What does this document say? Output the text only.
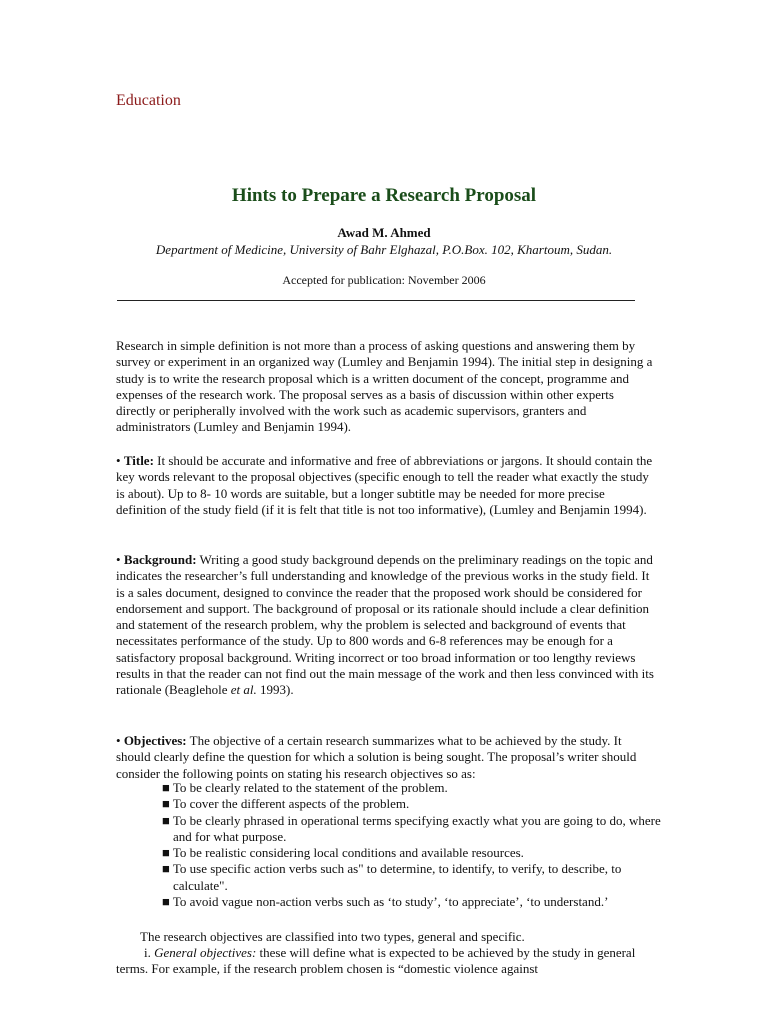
Education
Hints to Prepare a Research Proposal
Awad M. Ahmed
Department of Medicine, University of Bahr Elghazal, P.O.Box. 102, Khartoum, Sudan.
Accepted for publication: November 2006

Research in simple definition is not more than a process of asking questions and answering them by survey or experiment in an organized way (Lumley and Benjamin 1994). The initial step in designing a study is to write the research proposal which is a written document of the concept, programme and expenses of the research work. The proposal serves as a basis of discussion within other experts directly or peripherally involved with the work such as academic supervisors, granters and administrators (Lumley and Benjamin 1994).

• Title: It should be accurate and informative and free of abbreviations or jargons. It should contain the key words relevant to the proposal objectives (specific enough to tell the reader what exactly the study is about). Up to 8- 10 words are suitable, but a longer subtitle may be needed for more precise definition of the study field (if it is felt that title is not too informative), (Lumley and Benjamin 1994).

• Background: Writing a good study background depends on the preliminary readings on the topic and indicates the researcher’s full understanding and knowledge of the previous works in the study field. It is a sales document, designed to convince the reader that the proposed work should be considered for endorsement and support. The background of proposal or its rationale should include a clear definition and statement of the research problem, why the problem is selected and background of events that necessitates performance of the study. Up to 800 words and 6-8 references may be enough for a satisfactory proposal background. Writing incorrect or too broad information or too lengthy reviews results in that the reader can not find out the main message of the work and then less convinced with its rationale (Beaglehole et al. 1993).

• Objectives: The objective of a certain research summarizes what to be achieved by the study. It should clearly define the question for which a solution is being sought. The proposal’s writer should consider the following points on stating his research objectives so as:

■ To be clearly related to the statement of the problem.
■ To cover the different aspects of the problem.
■ To be clearly phrased in operational terms specifying exactly what you are going to do, where and for what purpose.
■ To be realistic considering local conditions and available resources.
■ To use specific action verbs such as" to determine, to identify, to verify, to describe, to calculate".
■ To avoid vague non-action verbs such as ‘to study’, ‘to appreciate’, ‘to understand.’

The research objectives are classified into two types, general and specific.

i. General objectives: these will define what is expected to be achieved by the study in general terms. For example, if the research problem chosen is “domestic violence against
